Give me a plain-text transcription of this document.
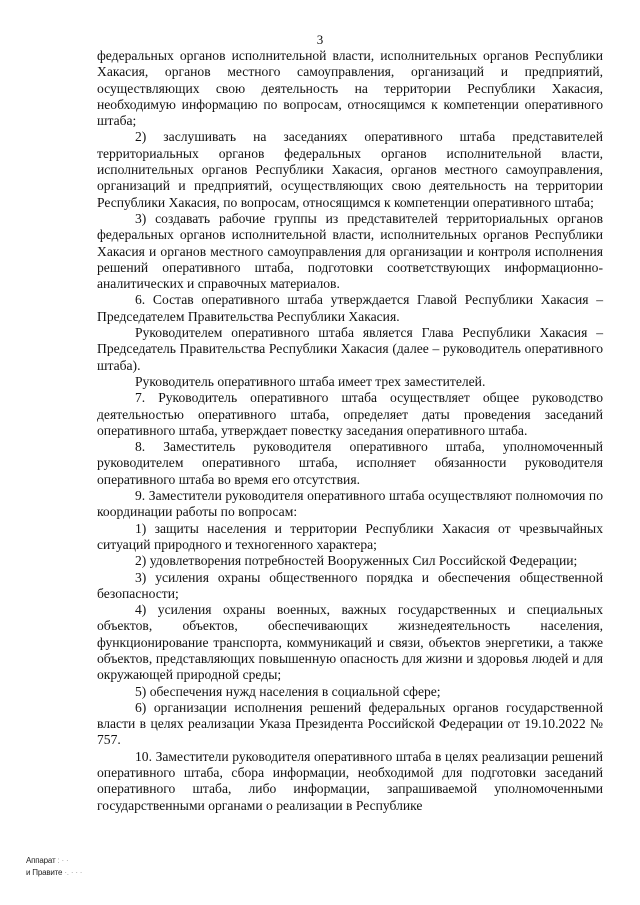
3

федеральных органов исполнительной власти, исполнительных органов Республики Хакасия, органов местного самоуправления, организаций и предприятий, осуществляющих свою деятельность на территории Республики Хакасия, необходимую информацию по вопросам, относящимся к компетенции оперативного штаба;

2) заслушивать на заседаниях оперативного штаба представителей территориальных органов федеральных органов исполнительной власти, исполнительных органов Республики Хакасия, органов местного самоуправления, организаций и предприятий, осуществляющих свою деятельность на территории Республики Хакасия, по вопросам, относящимся к компетенции оперативного штаба;

3) создавать рабочие группы из представителей территориальных органов федеральных органов исполнительной власти, исполнительных органов Республики Хакасия и органов местного самоуправления для организации и контроля исполнения решений оперативного штаба, подготовки соответствующих информационно-аналитических и справочных материалов.

6. Состав оперативного штаба утверждается Главой Республики Хакасия – Председателем Правительства Республики Хакасия.

Руководителем оперативного штаба является Глава Республики Хакасия – Председатель Правительства Республики Хакасия (далее – руководитель оперативного штаба).

Руководитель оперативного штаба имеет трех заместителей.

7. Руководитель оперативного штаба осуществляет общее руководство деятельностью оперативного штаба, определяет даты проведения заседаний оперативного штаба, утверждает повестку заседания оперативного штаба.

8. Заместитель руководителя оперативного штаба, уполномоченный руководителем оперативного штаба, исполняет обязанности руководителя оперативного штаба во время его отсутствия.

9. Заместители руководителя оперативного штаба осуществляют полномочия по координации работы по вопросам:

1) защиты населения и территории Республики Хакасия от чрезвычайных ситуаций природного и техногенного характера;

2) удовлетворения потребностей Вооруженных Сил Российской Федерации;

3) усиления охраны общественного порядка и обеспечения общественной безопасности;

4) усиления охраны военных, важных государственных и специальных объектов, объектов, обеспечивающих жизнедеятельность населения, функционирование транспорта, коммуникаций и связи, объектов энергетики, а также объектов, представляющих повышенную опасность для жизни и здоровья людей и для окружающей природной среды;

5) обеспечения нужд населения в социальной сфере;

6) организации исполнения решений федеральных органов государственной власти в целях реализации Указа Президента Российской Федерации от 19.10.2022 № 757.

10. Заместители руководителя оперативного штаба в целях реализации решений оперативного штаба, сбора информации, необходимой для подготовки заседаний оперативного штаба, либо информации, запрашиваемой уполномоченными государственными органами о реализации в Республике

Аппарат : · ·
и Правите ·. · · ·
